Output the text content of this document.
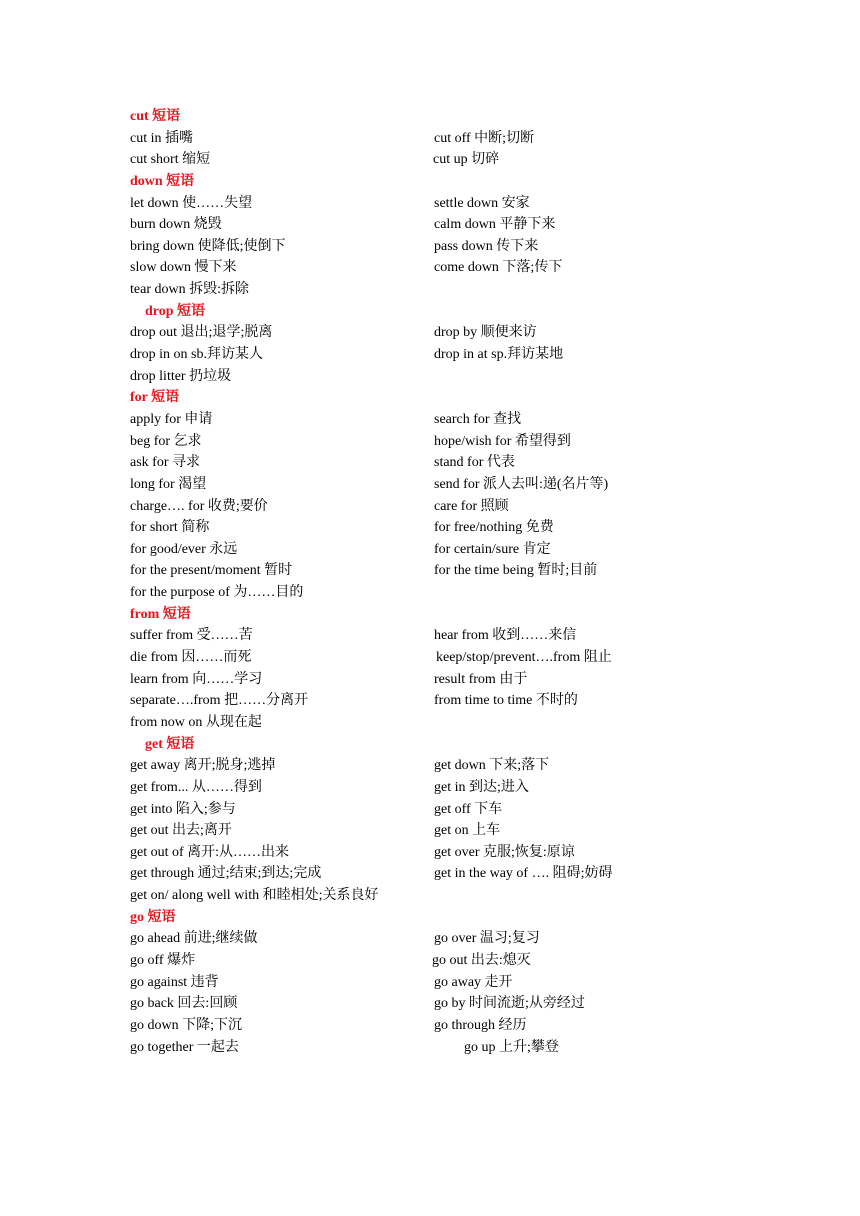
cut 短语
cut in 插嘴	cut off 中断;切断
cut short 缩短	cut up 切碎
down 短语
let down 使……失望	settle down 安家
burn down 烧毁	calm down 平静下来
bring down 使降低;使倒下	pass down 传下来
slow down 慢下来	come down 下落;传下
tear down 拆毁:拆除
drop 短语
drop out 退出;退学;脱离	drop by 顺便来访
drop in on sb.拜访某人	drop in at sp.拜访某地
drop litter 扔垃圾
for 短语
apply for 申请	search for 查找
beg for 乞求	hope/wish for 希望得到
ask for 寻求	stand for 代表
long for 渴望	send for 派人去叫:递(名片等)
charge…. for 收费;要价	care for 照顾
for short 简称	for free/nothing 免费
for good/ever 永远	for certain/sure 肯定
for the present/moment 暂时	for the time being 暂时;目前
for the purpose of 为……目的
from 短语
suffer from 受……苦	hear from 收到……来信
die from 因……而死	keep/stop/prevent….from 阻止
learn from 向……学习	result from 由于
separate….from 把……分离开	from time to time 不时的
from now on 从现在起
get 短语
get away 离开;脱身;逃掉	get down 下来;落下
get from... 从……得到	get in 到达;进入
get into 陷入;参与	get off 下车
get out 出去;离开	get on 上车
get out of 离开:从……出来	get over 克服;恢复:原谅
get through 通过;结束;到达;完成	get in the way of …. 阻碍;妨碍
get on/ along well with 和睦相处;关系良好
go 短语
go ahead 前进;继续做	go over 温习;复习
go off 爆炸	go out 出去:熄灭
go against 违背	go away 走开
go back 回去:回顾	go by 时间流逝;从旁经过
go down 下降;下沉	go through 经历
go together 一起去	go up 上升;攀登
